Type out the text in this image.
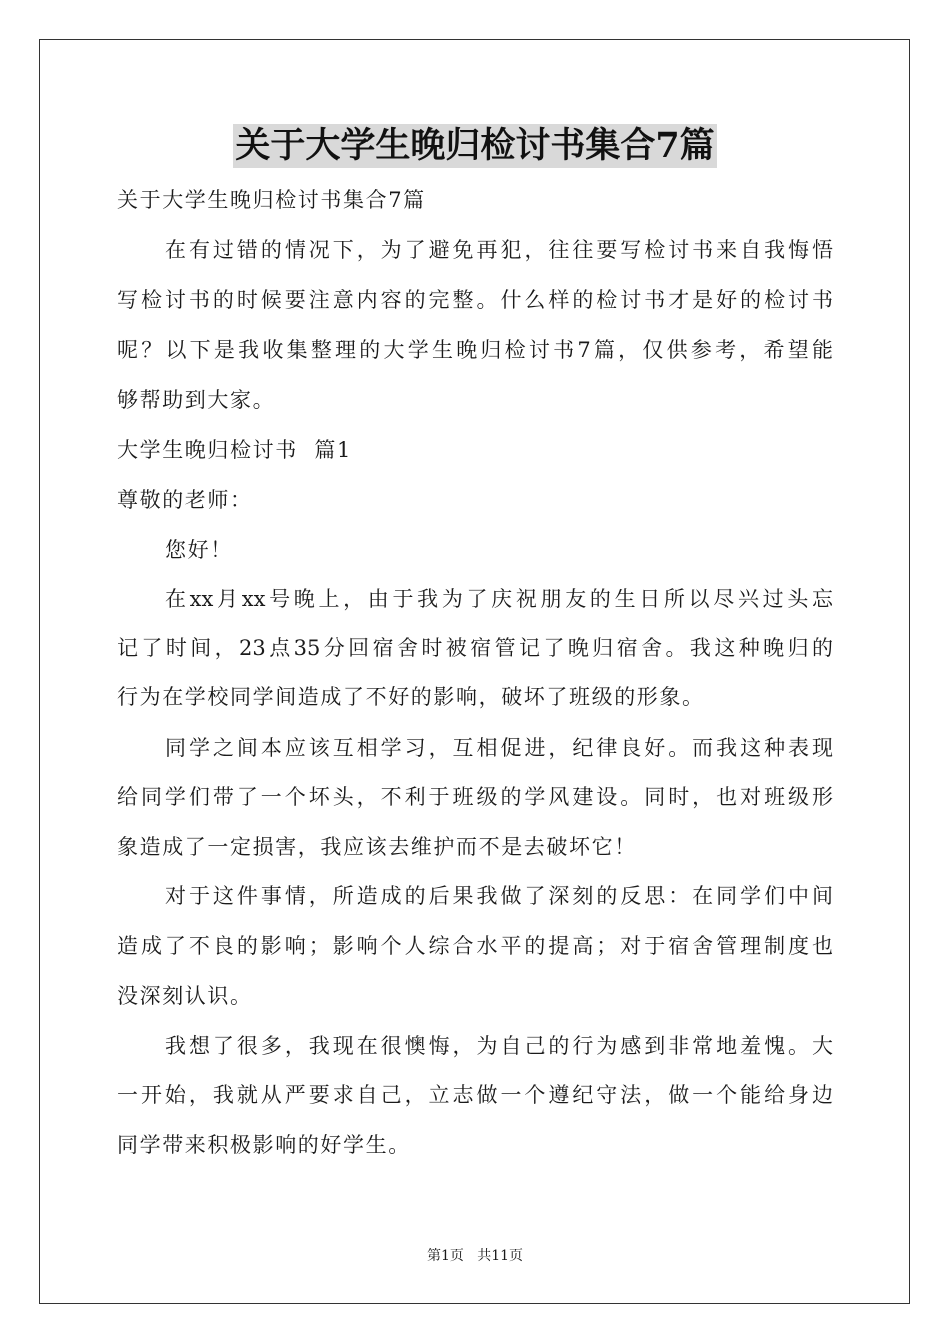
关于大学生晚归检讨书集合7篇
关于大学生晚归检讨书集合7篇
在有过错的情况下，为了避免再犯，往往要写检讨书来自我悔悟
写检讨书的时候要注意内容的完整。什么样的检讨书才是好的检讨书
呢？以下是我收集整理的大学生晚归检讨书7篇，仅供参考，希望能
够帮助到大家。
大学生晚归检讨书  篇1
尊敬的老师：
您好！
在xx月xx号晚上，由于我为了庆祝朋友的生日所以尽兴过头忘
记了时间，23点35分回宿舍时被宿管记了晚归宿舍。我这种晚归的
行为在学校同学间造成了不好的影响，破坏了班级的形象。
同学之间本应该互相学习，互相促进，纪律良好。而我这种表现
给同学们带了一个坏头，不利于班级的学风建设。同时，也对班级形
象造成了一定损害，我应该去维护而不是去破坏它！
对于这件事情，所造成的后果我做了深刻的反思：在同学们中间
造成了不良的影响；影响个人综合水平的提高；对于宿舍管理制度也
没深刻认识。
我想了很多，我现在很懊悔，为自己的行为感到非常地羞愧。大
一开始，我就从严要求自己，立志做一个遵纪守法，做一个能给身边
同学带来积极影响的好学生。
第1页   共11页
